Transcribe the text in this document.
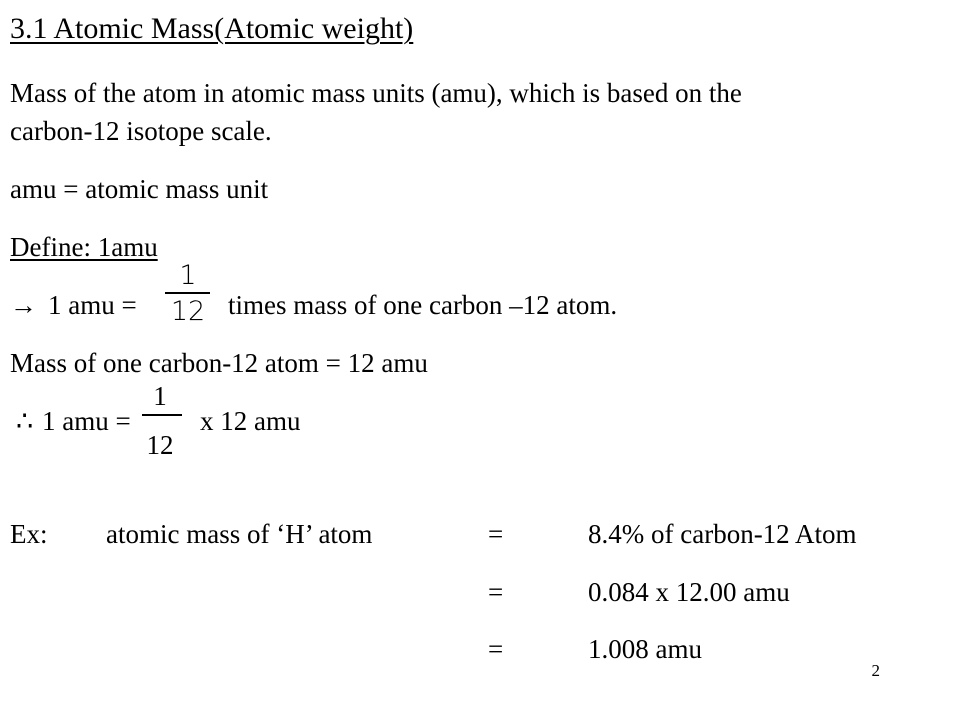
3.1 Atomic Mass(Atomic weight)
Mass of the atom in atomic mass units (amu), which is based on the
carbon-12 isotope scale.
amu = atomic mass unit
Define: 1amu
→ 1 amu =
1
12 times mass of one carbon –12 atom.
Mass of one carbon-12 atom = 12 amu
∴ 1 amu =
1
12
x 12 amu
Ex: atomic mass of ‘H’ atom	=	8.4% of carbon-12 Atom
=	0.084 x 12.00 amu
=	1.008 amu
2
